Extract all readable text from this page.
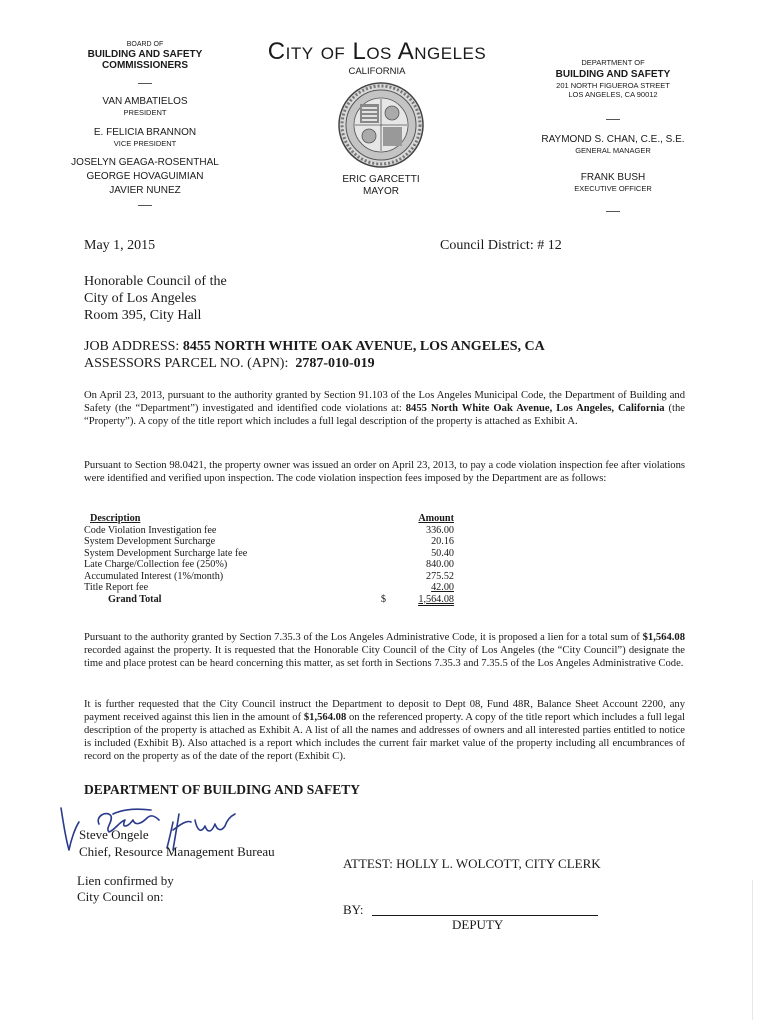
BOARD OF
BUILDING AND SAFETY
COMMISSIONERS
VAN AMBATIELOS
PRESIDENT
E. FELICIA BRANNON
VICE PRESIDENT
JOSELYN GEAGA-ROSENTHAL
GEORGE HOVAGUIMIAN
JAVIER NUNEZ
City of Los Angeles
CALIFORNIA
ERIC GARCETTI
MAYOR
DEPARTMENT OF
BUILDING AND SAFETY
201 NORTH FIGUEROA STREET
LOS ANGELES, CA 90012
RAYMOND S. CHAN, C.E., S.E.
GENERAL MANAGER
FRANK BUSH
EXECUTIVE OFFICER
May 1, 2015	Council District: # 12
Honorable Council of the
City of Los Angeles
Room 395, City Hall
JOB ADDRESS: 8455 NORTH WHITE OAK AVENUE, LOS ANGELES, CA
ASSESSORS PARCEL NO. (APN): 2787-010-019
On April 23, 2013, pursuant to the authority granted by Section 91.103 of the Los Angeles Municipal Code, the Department of Building and Safety (the “Department”) investigated and identified code violations at: 8455 North White Oak Avenue, Los Angeles, California (the “Property”). A copy of the title report which includes a full legal description of the property is attached as Exhibit A.
Pursuant to Section 98.0421, the property owner was issued an order on April 23, 2013, to pay a code violation inspection fee after violations were identified and verified upon inspection. The code violation inspection fees imposed by the Department are as follows:
Description		Amount
Code Violation Investigation fee		336.00
System Development Surcharge		20.16
System Development Surcharge late fee		50.40
Late Charge/Collection fee (250%)		840.00
Accumulated Interest (1%/month)		275.52
Title Report fee		42.00
Grand Total	$	1,564.08
Pursuant to the authority granted by Section 7.35.3 of the Los Angeles Administrative Code, it is proposed a lien for a total sum of $1,564.08 recorded against the property. It is requested that the Honorable City Council of the City of Los Angeles (the “City Council”) designate the time and place protest can be heard concerning this matter, as set forth in Sections 7.35.3 and 7.35.5 of the Los Angeles Administrative Code.
It is further requested that the City Council instruct the Department to deposit to Dept 08, Fund 48R, Balance Sheet Account 2200, any payment received against this lien in the amount of $1,564.08 on the referenced property. A copy of the title report which includes a full legal description of the property is attached as Exhibit A. A list of all the names and addresses of owners and all interested parties entitled to notice is included (Exhibit B). Also attached is a report which includes the current fair market value of the property including all encumbrances of record on the property as of the date of the report (Exhibit C).
DEPARTMENT OF BUILDING AND SAFETY
Steve Ongele
Chief, Resource Management Bureau
ATTEST: HOLLY L. WOLCOTT, CITY CLERK
Lien confirmed by
City Council on:
BY:
DEPUTY
